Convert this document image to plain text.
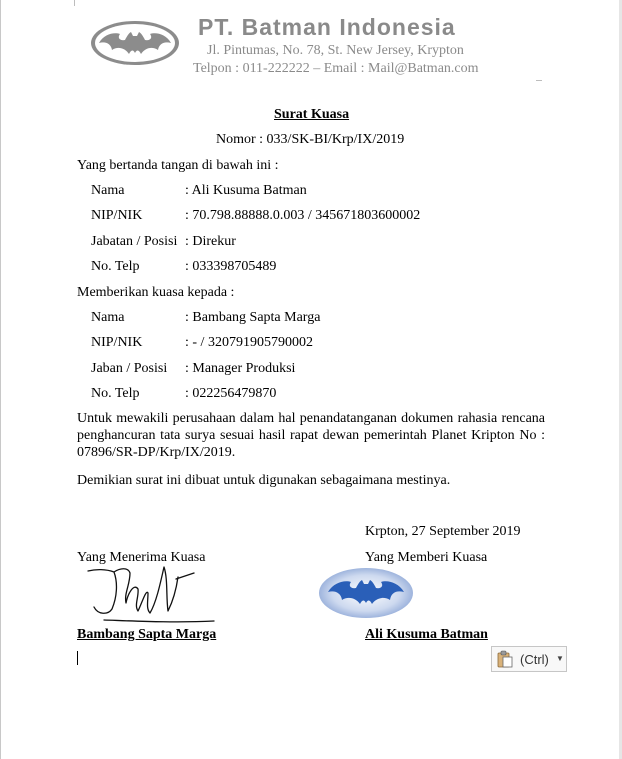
PT. Batman Indonesia
Jl. Pintumas, No. 78, St. New Jersey, Krypton
Telpon : 011-222222 – Email : Mail@Batman.com
Surat Kuasa
Nomor : 033/SK-BI/Krp/IX/2019
Yang bertanda tangan di bawah ini :
Nama	: Ali Kusuma Batman
NIP/NIK	: 70.798.88888.0.003 / 345671803600002
Jabatan / Posisi : Direkur
No. Telp	: 033398705489
Memberikan kuasa kepada :
Nama	: Bambang Sapta Marga
NIP/NIK	: - / 320791905790002
Jaban / Posisi : Manager Produksi
No. Telp	: 022256479870
Untuk mewakili perusahaan dalam hal penandatanganan dokumen rahasia rencana penghancuran tata surya sesuai hasil rapat dewan pemerintah Planet Kripton No : 07896/SR-DP/Krp/IX/2019.
Demikian surat ini dibuat untuk digunakan sebagaimana mestinya.
Krpton, 27 September 2019
Yang Menerima Kuasa	Yang Memberi Kuasa
Bambang Sapta Marga	Ali Kusuma Batman
(Ctrl) ▼
